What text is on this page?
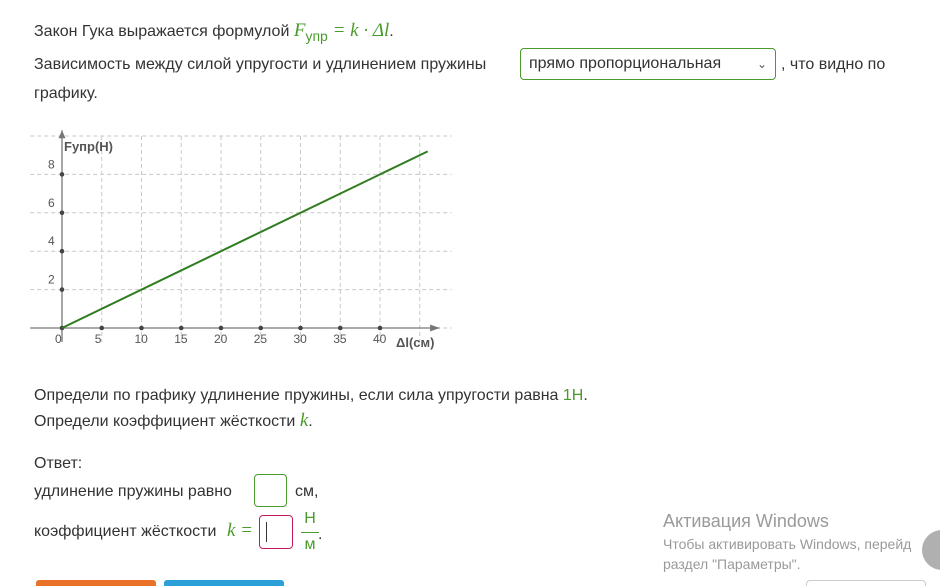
Закон Гука выражается формулой $F_{упр} = k \cdot \Delta l$.
Зависимость между силой упругости и удлинением пружины	прямо пропорциональная	⌄ , что видно по
графику.
0	5	10 15 20 25 30 35 40
2
4
6
8
Fупр(Н)
Δl(см)
Определи по графику удлинение пружины, если сила упругости равна 1Н.
Определи коэффициент жёсткости k.
Ответ:
удлинение пружины равно	см,
коэффициент жёсткости k =
Н
м
.
Активация Windows
Чтобы активировать Windows, перейд
раздел "Параметры".
